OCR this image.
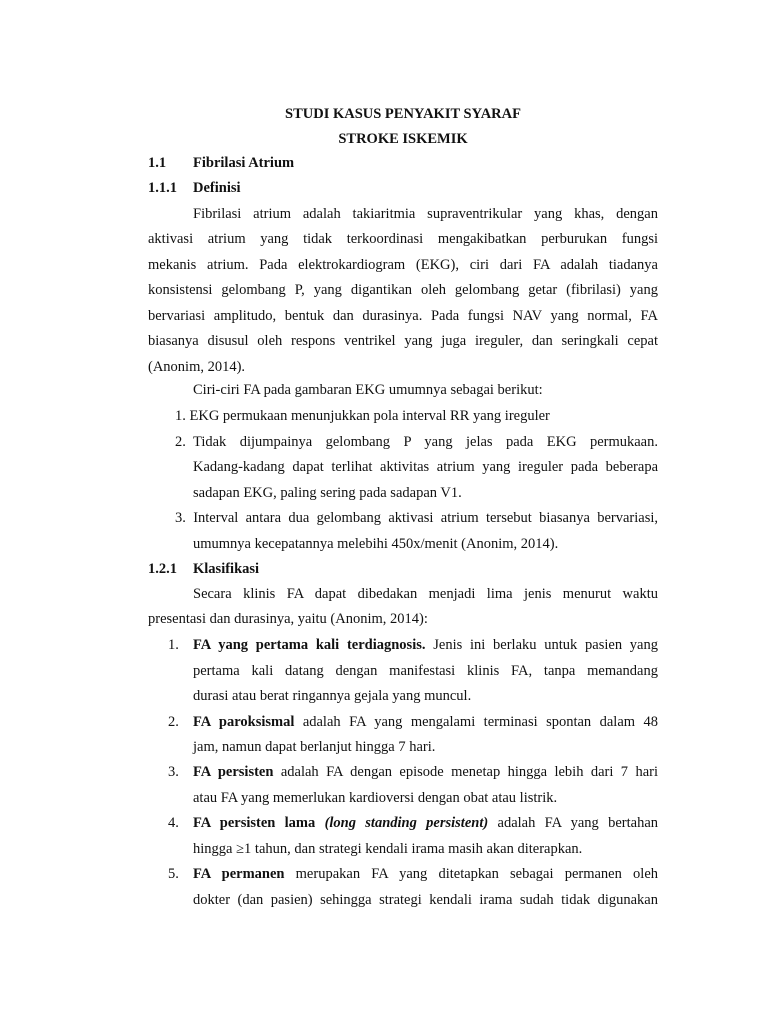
STUDI KASUS PENYAKIT SYARAF
STROKE ISKEMIK
1.1 Fibrilasi Atrium
1.1.1 Definisi
Fibrilasi atrium adalah takiaritmia supraventrikular yang khas, dengan
aktivasi atrium yang tidak terkoordinasi mengakibatkan perburukan fungsi
mekanis atrium. Pada elektrokardiogram (EKG), ciri dari FA adalah tiadanya
konsistensi gelombang P, yang digantikan oleh gelombang getar (fibrilasi) yang
bervariasi amplitudo, bentuk dan durasinya. Pada fungsi NAV yang normal, FA
biasanya disusul oleh respons ventrikel yang juga ireguler, dan seringkali cepat
(Anonim, 2014).
Ciri-ciri FA pada gambaran EKG umumnya sebagai berikut:
1. EKG permukaan menunjukkan pola interval RR yang ireguler
2. Tidak dijumpainya gelombang P yang jelas pada EKG permukaan.
Kadang-kadang dapat terlihat aktivitas atrium yang ireguler pada beberapa
sadapan EKG, paling sering pada sadapan V1.
3. Interval antara dua gelombang aktivasi atrium tersebut biasanya bervariasi,
umumnya kecepatannya melebihi 450x/menit (Anonim, 2014).
1.2.1 Klasifikasi
Secara klinis FA dapat dibedakan menjadi lima jenis menurut waktu
presentasi dan durasinya, yaitu (Anonim, 2014):
1. FA yang pertama kali terdiagnosis. Jenis ini berlaku untuk pasien yang
pertama kali datang dengan manifestasi klinis FA, tanpa memandang
durasi atau berat ringannya gejala yang muncul.
2. FA paroksismal adalah FA yang mengalami terminasi spontan dalam 48
jam, namun dapat berlanjut hingga 7 hari.
3. FA persisten adalah FA dengan episode menetap hingga lebih dari 7 hari
atau FA yang memerlukan kardioversi dengan obat atau listrik.
4. FA persisten lama (long standing persistent) adalah FA yang bertahan
hingga ≥1 tahun, dan strategi kendali irama masih akan diterapkan.
5. FA permanen merupakan FA yang ditetapkan sebagai permanen oleh
dokter (dan pasien) sehingga strategi kendali irama sudah tidak digunakan
